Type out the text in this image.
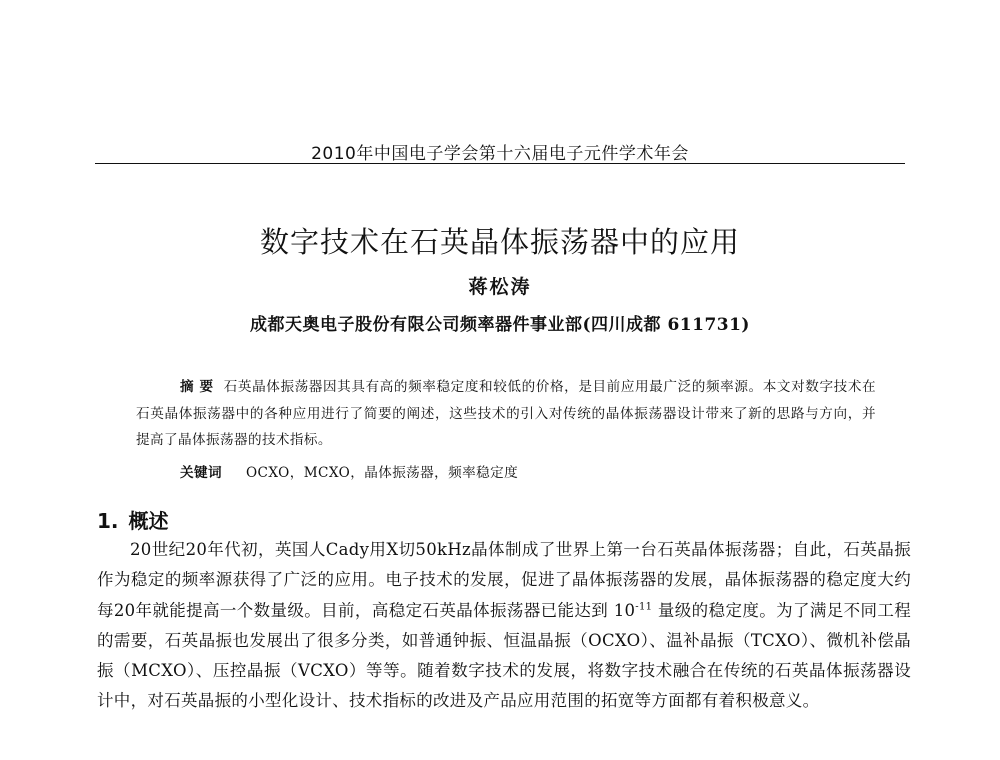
2010年中国电子学会第十六届电子元件学术年会
数字技术在石英晶体振荡器中的应用
蒋松涛
成都天奥电子股份有限公司频率器件事业部(四川成都 611731)
摘 要 石英晶体振荡器因其具有高的频率稳定度和较低的价格，是目前应用最广泛的频率源。本文对数字技术在石英晶体振荡器中的各种应用进行了简要的阐述，这些技术的引入对传统的晶体振荡器设计带来了新的思路与方向，并提高了晶体振荡器的技术指标。
关键词 OCXO，MCXO，晶体振荡器，频率稳定度
1. 概述
20世纪20年代初，英国人Cady用X切50kHz晶体制成了世界上第一台石英晶体振荡器；自此，石英晶振作为稳定的频率源获得了广泛的应用。电子技术的发展，促进了晶体振荡器的发展，晶体振荡器的稳定度大约每20年就能提高一个数量级。目前，高稳定石英晶体振荡器已能达到 $10^{-11}$ 量级的稳定度。为了满足不同工程的需要，石英晶振也发展出了很多分类，如普通钟振、恒温晶振（OCXO）、温补晶振（TCXO）、微机补偿晶振（MCXO）、压控晶振（VCXO）等等。随着数字技术的发展，将数字技术融合在传统的石英晶体振荡器设计中，对石英晶振的小型化设计、技术指标的改进及产品应用范围的拓宽等方面都有着积极意义。
